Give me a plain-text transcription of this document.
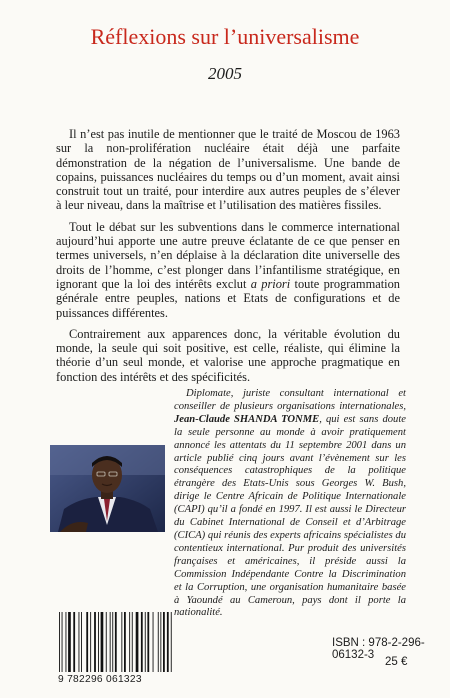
Réflexions sur l’universalisme
2005

Il n’est pas inutile de mentionner que le traité de Moscou de 1963 sur la non-prolifération nucléaire était déjà une parfaite démonstration de la négation de l’universalisme. Une bande de copains, puissances nucléaires du temps ou d’un moment, avait ainsi construit tout un traité, pour interdire aux autres peuples de s’élever à leur niveau, dans la maîtrise et l’utilisation des matières fissiles.

Tout le débat sur les subventions dans le commerce international aujourd’hui apporte une autre preuve éclatante de ce que penser en termes universels, n’en déplaise à la déclaration dite universelle des droits de l’homme, c’est plonger dans l’infantilisme stratégique, en ignorant que la loi des intérêts exclut a priori toute programmation générale entre peuples, nations et Etats de configurations et de puissances différentes.

Contrairement aux apparences donc, la véritable évolution du monde, la seule qui soit positive, est celle, réaliste, qui élimine la théorie d’un seul monde, et valorise une approche pragmatique en fonction des intérêts et des spécificités.

Diplomate, juriste consultant international et conseiller de plusieurs organisations internationales, Jean-Claude SHANDA TONME, qui est sans doute la seule personne au monde à avoir pratiquement annoncé les attentats du 11 septembre 2001 dans un article publié cinq jours avant l’évènement sur les conséquences catastrophiques de la politique étrangère des Etats-Unis sous Georges W. Bush, dirige le Centre Africain de Politique Internationale (CAPI) qu’il a fondé en 1997. Il est aussi le Directeur du Cabinet International de Conseil et d’Arbitrage (CICA) qui réunis des experts africains spécialistes du contentieux international. Pur produit des universités françaises et américaines, il préside aussi la Commission Indépendante Contre la Discrimination et la Corruption, une organisation humanitaire basée à Yaoundé au Cameroun, pays dont il porte la nationalité.

9 782296 061323
ISBN : 978-2-296-06132-3
25 €
